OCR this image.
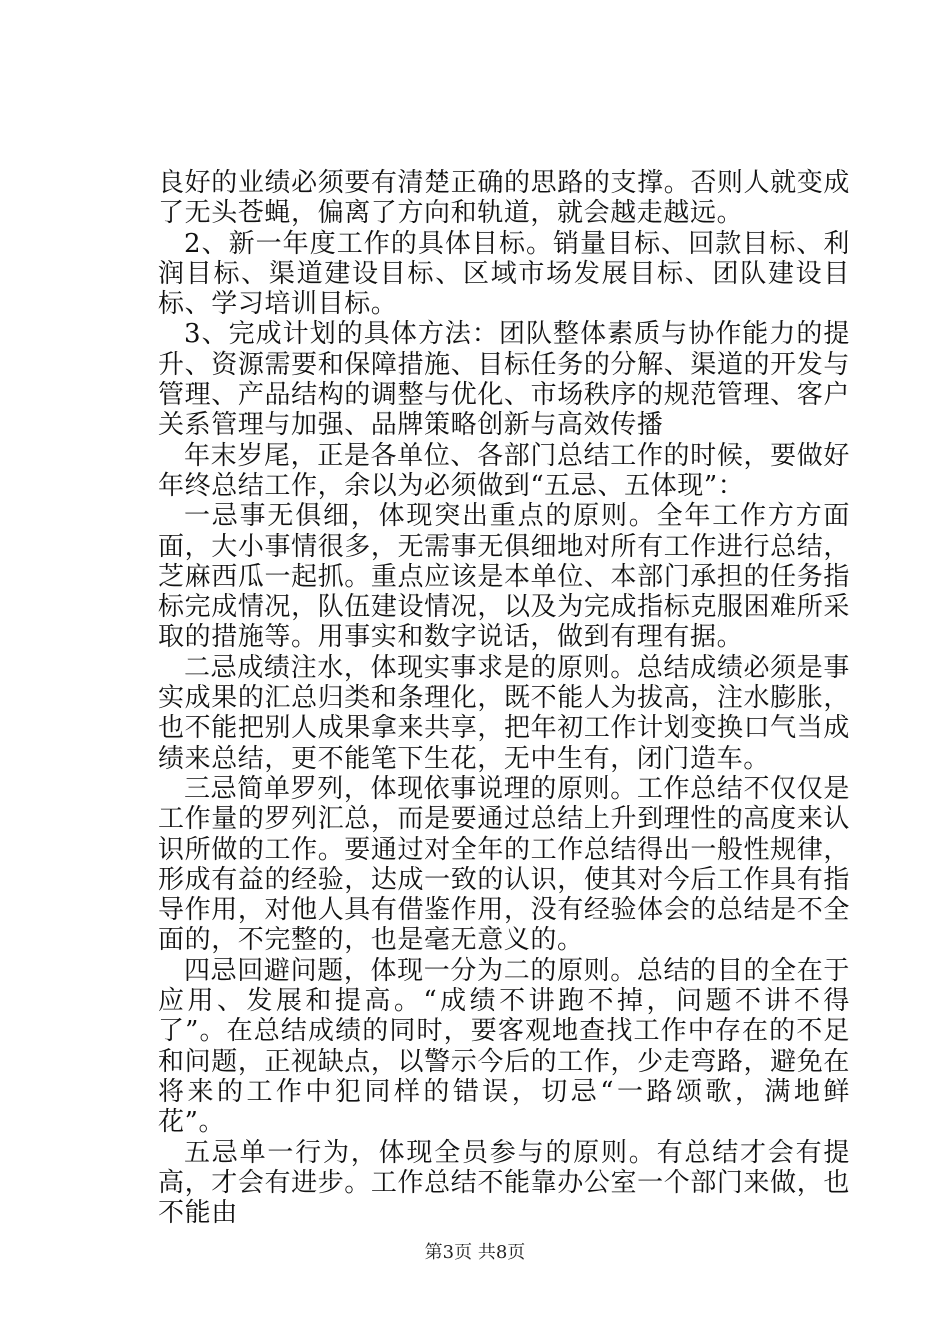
良好的业绩必须要有清楚正确的思路的支撑。否则人就变成了无头苍蝇，偏离了方向和轨道，就会越走越远。

2、新一年度工作的具体目标。销量目标、回款目标、利润目标、渠道建设目标、区域市场发展目标、团队建设目标、学习培训目标。

3、完成计划的具体方法：团队整体素质与协作能力的提升、资源需要和保障措施、目标任务的分解、渠道的开发与管理、产品结构的调整与优化、市场秩序的规范管理、客户关系管理与加强、品牌策略创新与高效传播

年末岁尾，正是各单位、各部门总结工作的时候，要做好年终总结工作，余以为必须做到“五忌、五体现”：

一忌事无俱细，体现突出重点的原则。全年工作方方面面，大小事情很多，无需事无俱细地对所有工作进行总结，芝麻西瓜一起抓。重点应该是本单位、本部门承担的任务指标完成情况，队伍建设情况，以及为完成指标克服困难所采取的措施等。用事实和数字说话，做到有理有据。

二忌成绩注水，体现实事求是的原则。总结成绩必须是事实成果的汇总归类和条理化，既不能人为拔高，注水膨胀，也不能把别人成果拿来共享，把年初工作计划变换口气当成绩来总结，更不能笔下生花，无中生有，闭门造车。

三忌简单罗列，体现依事说理的原则。工作总结不仅仅是工作量的罗列汇总，而是要通过总结上升到理性的高度来认识所做的工作。要通过对全年的工作总结得出一般性规律，形成有益的经验，达成一致的认识，使其对今后工作具有指导作用，对他人具有借鉴作用，没有经验体会的总结是不全面的，不完整的，也是毫无意义的。

四忌回避问题，体现一分为二的原则。总结的目的全在于应用、发展和提高。“成绩不讲跑不掉，问题不讲不得了”。在总结成绩的同时，要客观地查找工作中存在的不足和问题，正视缺点，以警示今后的工作，少走弯路，避免在将来的工作中犯同样的错误，切忌“一路颂歌，满地鲜花”。

五忌单一行为，体现全员参与的原则。有总结才会有提高，才会有进步。工作总结不能靠办公室一个部门来做，也不能由

第3页 共8页
